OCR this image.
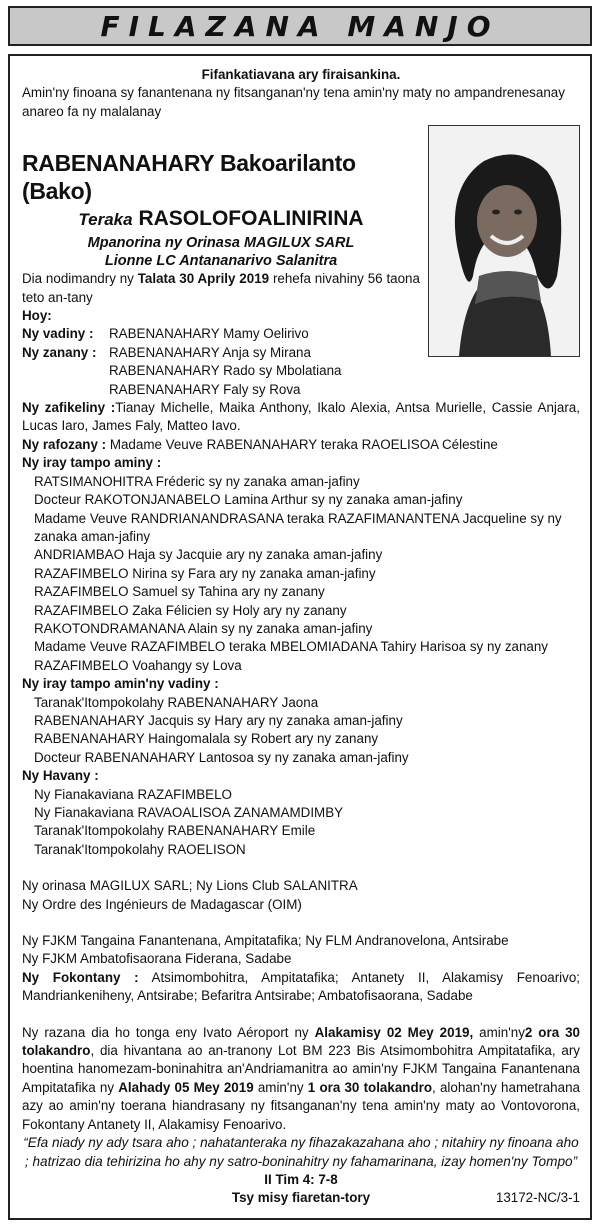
FILAZANA MANJO
Fifankatiavana ary firaisankina.
Amin'ny finoana sy fanantenana ny fitsanganan'ny tena amin'ny maty no ampandrenesanay anareo fa ny malalanay
RABENANAHARY Bakoarilanto (Bako)
Teraka RASOLOFOALINIRINA
Mpanorina ny Orinasa MAGILUX SARL
Lionne LC Antananarivo Salanitra
Dia nodimandry ny Talata 30 Aprily 2019 rehefa nivahiny 56 taona teto an-tany
Hoy:
Ny vadiny :	RABENANAHARY Mamy Oelirivo
Ny zanany : RABENANAHARY Anja sy Mirana
RABENANAHARY Rado sy Mbolatiana
RABENANAHARY Faly sy Rova
Ny zafikeliny :Tianay Michelle, Maika Anthony, Ikalo Alexia, Antsa Murielle, Cassie Anjara, Lucas Iaro, James Faly, Matteo Iavo.
Ny rafozany : Madame Veuve RABENANAHARY teraka RAOELISOA Célestine
Ny iray tampo aminy :
RATSIMANOHITRA Fréderic sy ny zanaka aman-jafiny
Docteur RAKOTONJANABELO Lamina Arthur sy ny zanaka aman-jafiny
Madame Veuve RANDRIANANDRASANA teraka RAZAFIMANANTENA Jacqueline sy ny zanaka aman-jafiny
ANDRIAMBAO Haja sy Jacquie ary ny zanaka aman-jafiny
RAZAFIMBELO Nirina sy Fara ary ny zanaka aman-jafiny
RAZAFIMBELO Samuel sy Tahina ary ny zanany
RAZAFIMBELO Zaka Félicien sy Holy ary ny zanany
RAKOTONDRAMANANA Alain sy ny zanaka aman-jafiny
Madame Veuve RAZAFIMBELO teraka MBELOMIADANA Tahiry Harisoa sy ny zanany
RAZAFIMBELO Voahangy sy Lova
Ny iray tampo amin'ny vadiny :
Taranak'Itompokolahy RABENANAHARY Jaona
RABENANAHARY Jacquis sy Hary ary ny zanaka aman-jafiny
RABENANAHARY Haingomalala sy Robert ary ny zanany
Docteur RABENANAHARY Lantosoa sy ny zanaka aman-jafiny
Ny Havany :
Ny Fianakaviana RAZAFIMBELO
Ny Fianakaviana RAVAOALISOA ZANAMAMDIMBY
Taranak'Itompokolahy RABENANAHARY Emile
Taranak'Itompokolahy RAOELISON
Ny orinasa MAGILUX SARL; Ny Lions Club SALANITRA
Ny Ordre des Ingénieurs de Madagascar (OIM)
Ny FJKM Tangaina Fanantenana, Ampitatafika; Ny FLM Andranovelona, Antsirabe
Ny FJKM Ambatofisaorana Fiderana, Sadabe
Ny Fokontany : Atsimombohitra, Ampitatafika; Antanety II, Alakamisy Fenoarivo; Mandriankeniheny, Antsirabe; Befaritra Antsirabe; Ambatofisaorana, Sadabe
Ny razana dia ho tonga eny Ivato Aéroport ny Alakamisy 02 Mey 2019, amin'ny2 ora 30 tolakandro, dia hivantana ao an-tranony Lot BM 223 Bis Atsimombohitra Ampitatafika, ary hoentina hanomezam-boninahitra an'Andriamanitra ao amin'ny FJKM Tangaina Fanantenana Ampitatafika ny Alahady 05 Mey 2019 amin'ny 1 ora 30 tolakandro, alohan'ny hametrahana azy ao amin'ny toerana hiandrasany ny fitsanganan'ny tena amin'ny maty ao Vontovorona, Fokontany Antanety II, Alakamisy Fenoarivo.
“Efa niady ny ady tsara aho ; nahatanteraka ny fihazakazahana aho ; nitahiry ny finoana aho ; hatrizao dia tehirizina ho ahy ny satro-boninahitry ny fahamarinana, izay homen'ny Tompo”
II Tim 4: 7-8
Tsy misy fiaretan-tory	13172-NC/3-1
